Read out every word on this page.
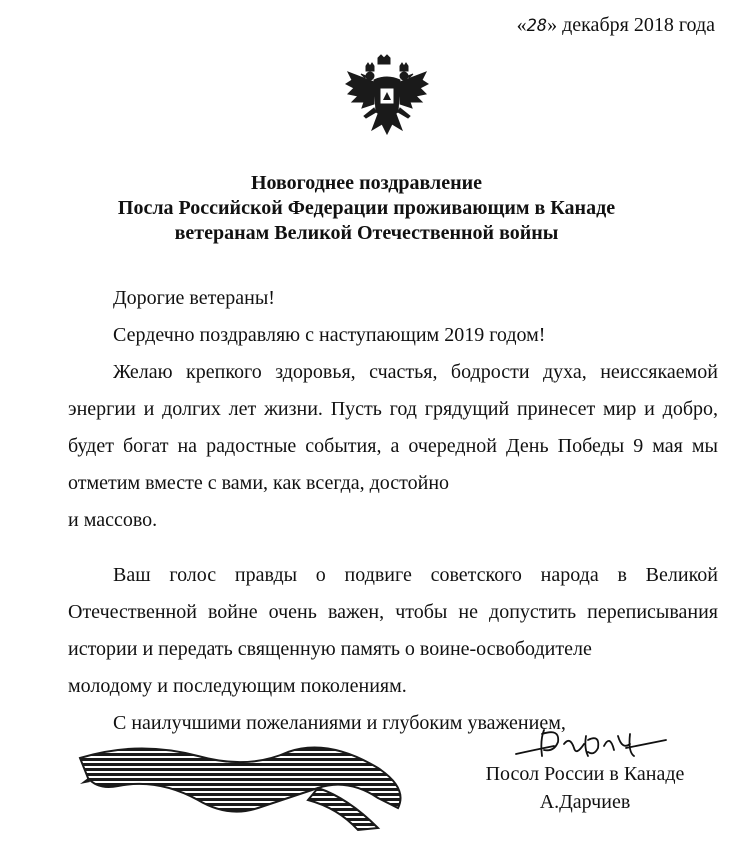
«28» декабря 2018 года
Новогоднее поздравление
Посла Российской Федерации проживающим в Канаде
ветеранам Великой Отечественной войны

Дорогие ветераны!

Сердечно поздравляю с наступающим 2019 годом!

Желаю крепкого здоровья, счастья, бодрости духа, неиссякаемой энергии и долгих лет жизни. Пусть год грядущий принесет мир и добро, будет богат на радостные события, а очередной День Победы 9 мая мы отметим вместе с вами, как всегда, достойно

и массово.

Ваш голос правды о подвиге советского народа в Великой Отечественной войне очень важен, чтобы не допустить переписывания истории и передать священную память о воине-освободителе

молодому и последующим поколениям.

С наилучшими пожеланиями и глубоким уважением,

Посол России в Канаде
А.Дарчиев
